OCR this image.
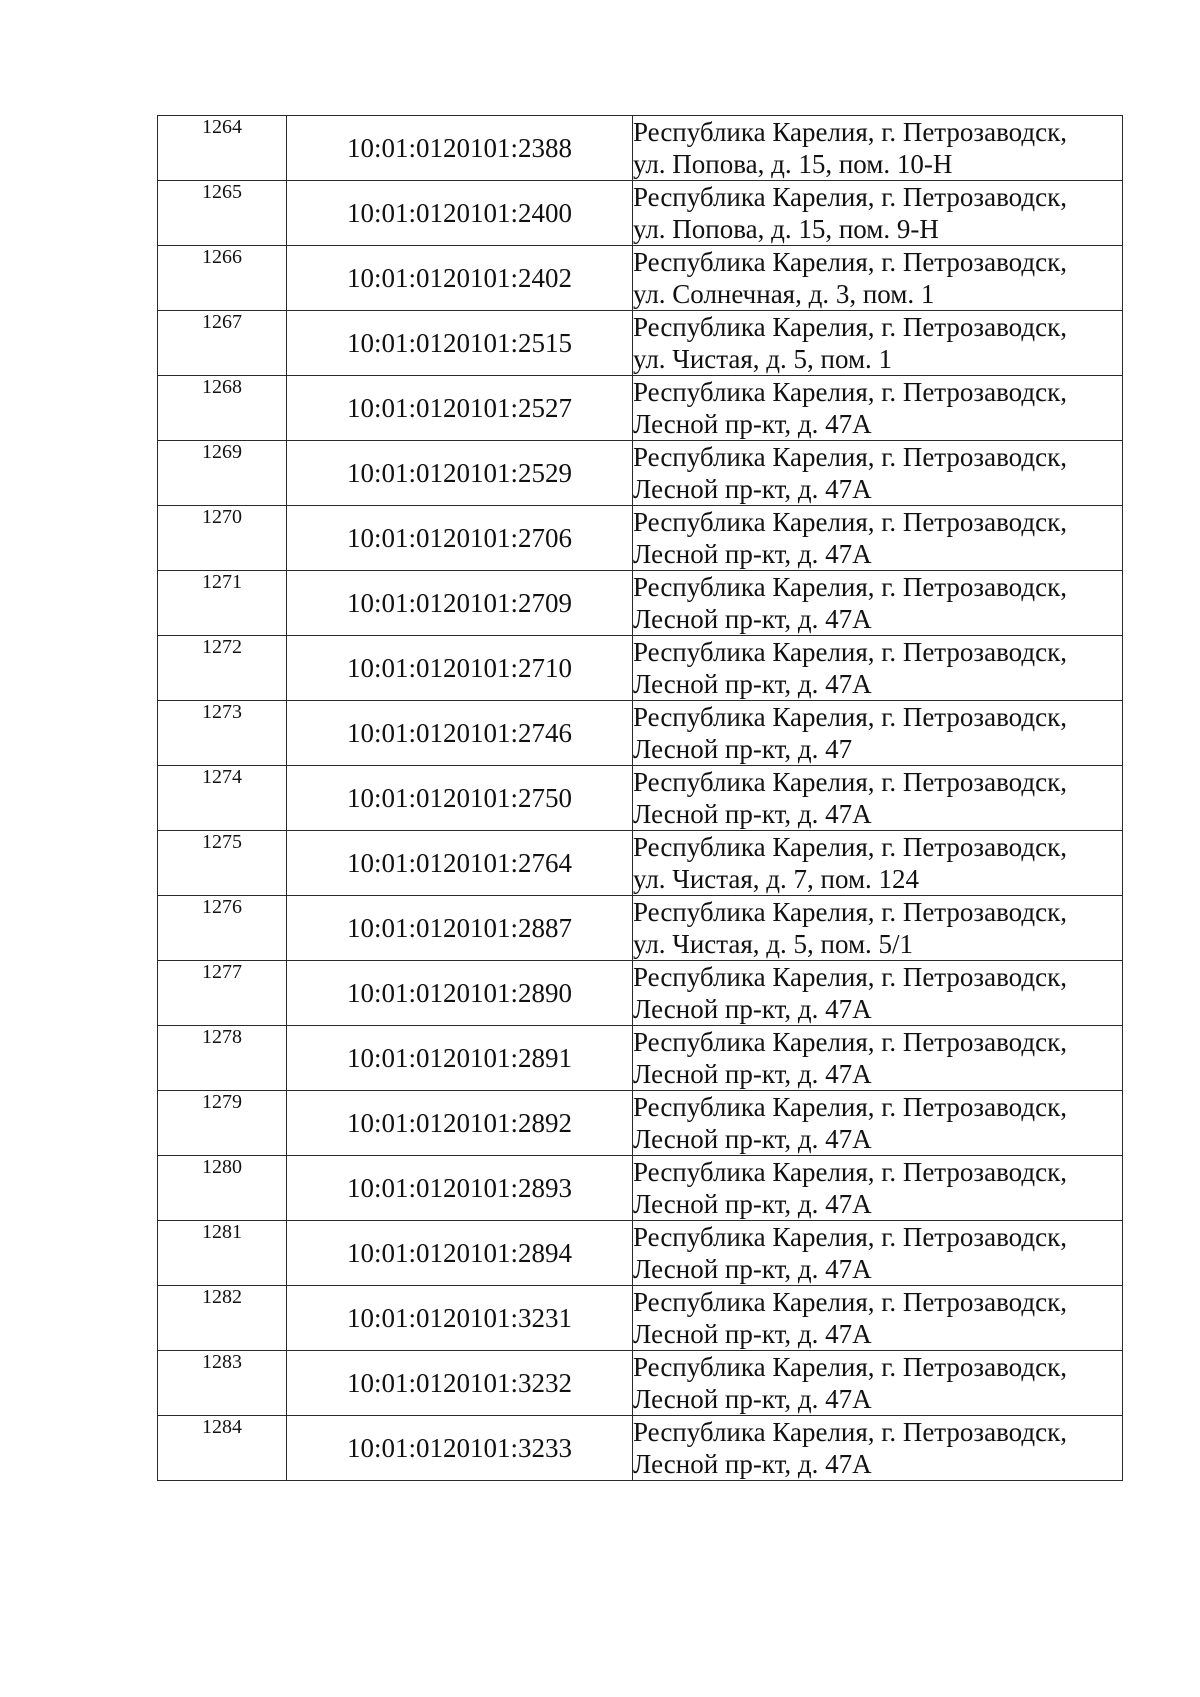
1264	10:01:0120101:2388	Республика Карелия, г. Петрозаводск,
ул. Попова, д. 15, пом. 10-Н

1265	10:01:0120101:2400	Республика Карелия, г. Петрозаводск,
ул. Попова, д. 15, пом. 9-Н

1266	10:01:0120101:2402	Республика Карелия, г. Петрозаводск,
ул. Солнечная, д. 3, пом. 1

1267	10:01:0120101:2515	Республика Карелия, г. Петрозаводск,
ул. Чистая, д. 5, пом. 1

1268	10:01:0120101:2527	Республика Карелия, г. Петрозаводск,
Лесной пр-кт, д. 47А

1269	10:01:0120101:2529	Республика Карелия, г. Петрозаводск,
Лесной пр-кт, д. 47А

1270	10:01:0120101:2706	Республика Карелия, г. Петрозаводск,
Лесной пр-кт, д. 47А

1271	10:01:0120101:2709	Республика Карелия, г. Петрозаводск,
Лесной пр-кт, д. 47А

1272	10:01:0120101:2710	Республика Карелия, г. Петрозаводск,
Лесной пр-кт, д. 47А

1273	10:01:0120101:2746	Республика Карелия, г. Петрозаводск,
Лесной пр-кт, д. 47

1274	10:01:0120101:2750	Республика Карелия, г. Петрозаводск,
Лесной пр-кт, д. 47А

1275	10:01:0120101:2764	Республика Карелия, г. Петрозаводск,
ул. Чистая, д. 7, пом. 124

1276	10:01:0120101:2887	Республика Карелия, г. Петрозаводск,
ул. Чистая, д. 5, пом. 5/1

1277	10:01:0120101:2890	Республика Карелия, г. Петрозаводск,
Лесной пр-кт, д. 47А

1278	10:01:0120101:2891	Республика Карелия, г. Петрозаводск,
Лесной пр-кт, д. 47А

1279	10:01:0120101:2892	Республика Карелия, г. Петрозаводск,
Лесной пр-кт, д. 47А

1280	10:01:0120101:2893	Республика Карелия, г. Петрозаводск,
Лесной пр-кт, д. 47А

1281	10:01:0120101:2894	Республика Карелия, г. Петрозаводск,
Лесной пр-кт, д. 47А

1282	10:01:0120101:3231	Республика Карелия, г. Петрозаводск,
Лесной пр-кт, д. 47А

1283	10:01:0120101:3232	Республика Карелия, г. Петрозаводск,
Лесной пр-кт, д. 47А

1284	10:01:0120101:3233	Республика Карелия, г. Петрозаводск,
Лесной пр-кт, д. 47А
